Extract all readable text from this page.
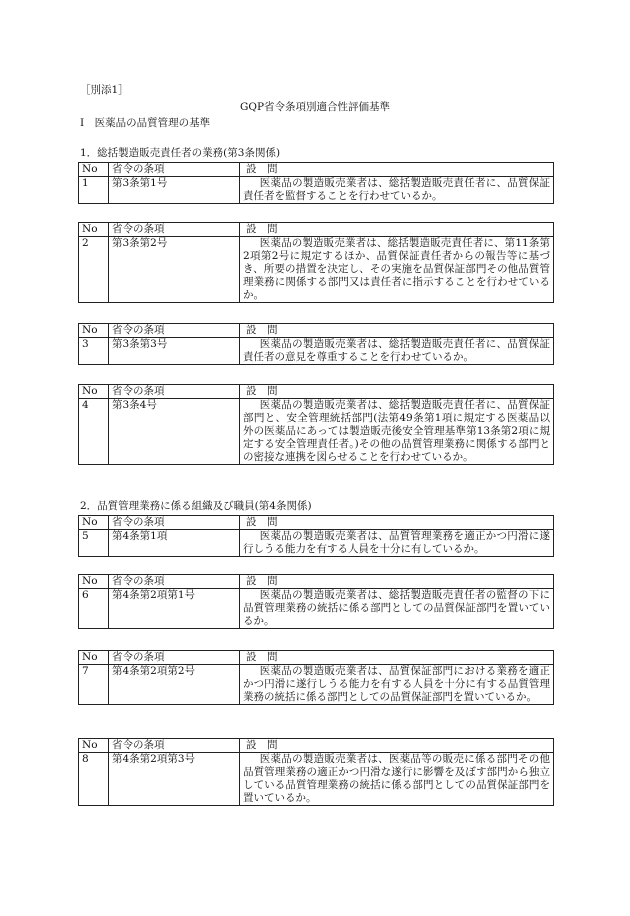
［別添1］
GQP省令条項別適合性評価基準
Ⅰ　医薬品の品質管理の基準
1．総括製造販売責任者の業務(第3条関係)
No	省令の条項	設　問
1	第3条第1号	医薬品の製造販売業者は、総括製造販売責任者に、品質保証責任者を監督することを行わせているか。
No	省令の条項	設　問
2	第3条第2号	医薬品の製造販売業者は、総括製造販売責任者に、第11条第2項第2号に規定するほか、品質保証責任者からの報告等に基づき、所要の措置を決定し、その実施を品質保証部門その他品質管理業務に関係する部門又は責任者に指示することを行わせているか。
No	省令の条項	設　問
3	第3条第3号	医薬品の製造販売業者は、総括製造販売責任者に、品質保証責任者の意見を尊重することを行わせているか。
No	省令の条項	設　問
4	第3条4号	医薬品の製造販売業者は、総括製造販売責任者に、品質保証部門と、安全管理統括部門(法第49条第1項に規定する医薬品以外の医薬品にあっては製造販売後安全管理基準第13条第2項に規定する安全管理責任者。)その他の品質管理業務に関係する部門との密接な連携を図らせることを行わせているか。
2．品質管理業務に係る組織及び職員(第4条関係)
No	省令の条項	設　問
5	第4条第1項	医薬品の製造販売業者は、品質管理業務を適正かつ円滑に遂行しうる能力を有する人員を十分に有しているか。
No	省令の条項	設　問
6	第4条第2項第1号	医薬品の製造販売業者は、総括製造販売責任者の監督の下に品質管理業務の統括に係る部門としての品質保証部門を置いているか。
No	省令の条項	設　問
7	第4条第2項第2号	医薬品の製造販売業者は、品質保証部門における業務を適正かつ円滑に遂行しうる能力を有する人員を十分に有する品質管理業務の統括に係る部門としての品質保証部門を置いているか。
No	省令の条項	設　問
8	第4条第2項第3号	医薬品の製造販売業者は、医薬品等の販売に係る部門その他品質管理業務の適正かつ円滑な遂行に影響を及ぼす部門から独立している品質管理業務の統括に係る部門としての品質保証部門を置いているか。
